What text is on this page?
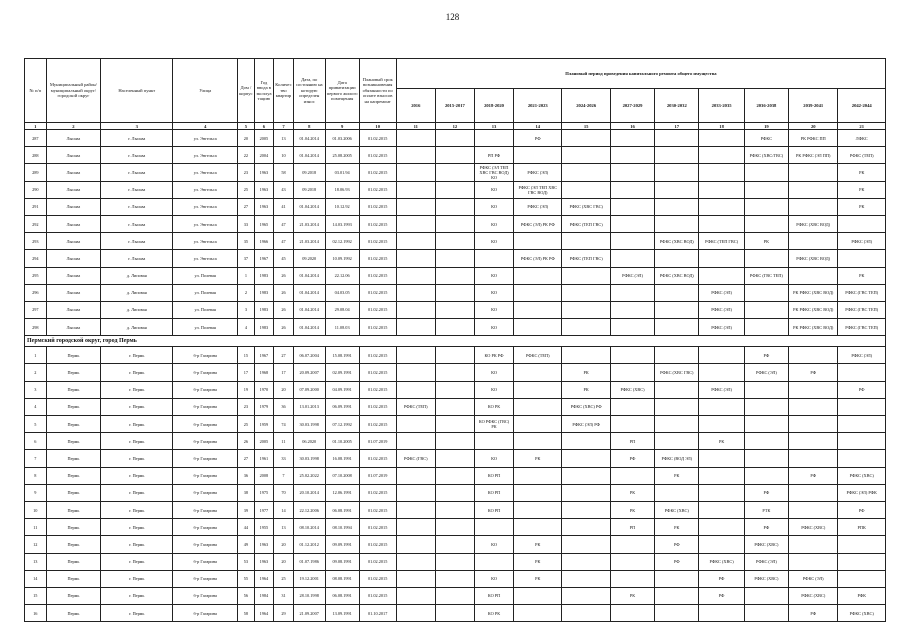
128
№ п/п	Муниципальный район/ муниципальный округ/городской округ	Населенный пункт	Улица	Дом / корпус	Год ввода в эксплуатацию	Количество квартир	Дата, по состоянию на которую определен износ	Дата приватизации первого жилого помещения	Плановый срок возникновения обязанности по оплате взносов на капремонт	Плановый период проведения капитального ремонта общего имущества										
										2016	2015-2017	2018-2020	2021-2023	2024-2026	2027-2029	2030-2032	2033-2035	2036-2038	2039-2041	2042-2044
1	2	3	4	5	6	7	8	9	10	11	12	13	14	15	16	17	18	19	20	21
287	Лысьва	г. Лысьва	ул. Энгельса	20	2005	13	01.04.2014	01.03.2006	01.02.2015				РФ					РФКС	РК РФКС ПП	ЛФКС
288	Лысьва	г. Лысьва	ул. Энгельса	22	2004	10	01.04.2014	25.08.2005	01.02.2015			РП РФ						РФКС (ХВС/ГВС)	РК РФКС (ЭЛ ПП)	РФКС (ТЕП)
289	Лысьва	г. Лысьва	ул. Энгельса	23	1963	58	09.2018	03.01.94	01.02.2015			РФКС (ЭЛ ТЕП ХВС ГВС ВОД) КО	РФКС (ЭЛ)							РК
290	Лысьва	г. Лысьва	ул. Энгельса	25	1963	43	09.2018	18.06.93	01.02.2015			КО	РФКС (ЭЛ ТЕП ХВС ГВС ВОД)							РК
291	Лысьва	г. Лысьва	ул. Энгельса	27	1963	41	01.04.2014	10.12.92	01.02.2015			КО	РФКС (ЭЛ)	РФКС (ХВС ГВС)						РК
292	Лысьва	г. Лысьва	ул. Энгельса	33	1965	47	21.03.2014	14.03.1993	01.02.2015			КО	РФКС (ЭЛ) РК РФ	РФКС (ТЕП ГВС)					РФКС (ХВС ВОД)	
293	Лысьва	г. Лысьва	ул. Энгельса	35	1966	47	21.03.2014	02.12.1992	01.02.2015			КО				РФКС (ХВС ВОД)	РФКС (ТЕП ГВС)	РК		РФКС (ЭЛ)
294	Лысьва	г. Лысьва	ул. Энгельса	37	1967	45	09.2020	10.09.1992	01.02.2015				РФКС (ЭЛ) РК РФ	РФКС (ТЕП ГВС)					РФКС (ХВС ВОД)	
295	Лысьва	д. Липовая	ул. Полевая	1	1983	26	01.04.2014	22.12.06	01.02.2015			КО			РФКС (ЭЛ)	РФКС (ХВС ВОД)		РФКС (ГВС ТЕП)		РК
296	Лысьва	д. Липовая	ул. Полевая	2	1983	26	01.04.2014	04.03.05	01.02.2015			КО					РФКС (ЭЛ)		РК РФКС (ХВС ВОД)	РФКС (ГВС ТЕП)
297	Лысьва	д. Липовая	ул. Полевая	3	1983	26	01.04.2014	29.08.04	01.02.2015			КО					РФКС (ЭЛ)		РК РФКС (ХВС ВОД)	РФКС (ГВС ТЕП)
298	Лысьва	д. Липовая	ул. Полевая	4	1983	26	01.04.2014	11.08.03	01.02.2015			КО					РФКС (ЭЛ)		РК РФКС (ХВС ВОД)	РФКС (ГВС ТЕП)
Пермский городской округ, город Пермь																				
1	Пермь	г. Пермь	б-р Гагарина	15	1967	27	06.07.2004	15.08.1991	01.02.2015			КО РК РФ	РФКС (ТЕП)					РФ		РФКС (ЭЛ)
2	Пермь	г. Пермь	б-р Гагарина	17	1968	17	20.09.2007	02.09.1991	01.02.2015			КО		РК		РФКС (ХВС ГВС)		РФКС (ЭЛ)	РФ	
3	Пермь	г. Пермь	б-р Гагарина	19	1970	20	07.09.2000	04.09.1991	01.02.2015			КО		РК	РФКС (ХВС)		РФКС (ЭЛ)			РФ
4	Пермь	г. Пермь	б-р Гагарина	23	1979	36	13.01.2013	06.09.1991	01.02.2015	РФКС (ТЕП)		КО РК		РФКС (ХВС) РФ						
5	Пермь	г. Пермь	б-р Гагарина	25	1959	74	30.03.1998	07.12.1992	01.02.2015			КО РФКС (ГВС) РК		РФКС (ЭЛ) РФ						
6	Пермь	г. Пермь	б-р Гагарина	26	2005	11	06.2020	01.10.2005	01.07.2019						РП		РК			
7	Пермь	г. Пермь	б-р Гагарина	27	1961	33	30.03.1998	16.08.1991	01.02.2015	РФКС (ГВС)		КО	РК		РФ	РФКС (ВОД ЭЛ)				
8	Пермь	г. Пермь	б-р Гагарина	36	2008	7	25.02.2022	07.10.2008	01.07.2019			КО РП				РК			РФ	РФКС (ХВС)
9	Пермь	г. Пермь	б-р Гагарина	38	1975	70	20.10.2014	12.06.1991	01.02.2015			КО РП			РК			РФ		РФКС (ЭЛ) РФК
10	Пермь	г. Пермь	б-р Гагарина	39	1977	14	22.12.2006	06.08.1991	01.02.2015			КО РП			РК	РФКС (ХВС)		РТК		РФ
11	Пермь	г. Пермь	б-р Гагарина	44	1955	13	08.10.2014	08.10.1994	01.02.2015						РП	РК		РФ	РФКС (ХВС)	РПК
12	Пермь	г. Пермь	б-р Гагарина	49	1963	20	01.12.2012	09.09.1991	01.02.2015			КО	РК			РФ		РФКС (ХВС)		
13	Пермь	г. Пермь	б-р Гагарина	53	1963	20	01.07.1986	09.08.1991	01.02.2015				РК			РФ	РФКС (ХВС)	РФКС (ЭЛ)		
14	Пермь	г. Пермь	б-р Гагарина	55	1964	25	19.12.2001	08.08.1991	01.02.2015			КО	РК				РФ	РФКС (ХВС)	РФКС (ЭЛ)	
15	Пермь	г. Пермь	б-р Гагарина	56	1984	31	28.10.1998	06.08.1991	01.02.2015			КО РП			РК		РФ		РФКС (ХВС)	РФК
16	Пермь	г. Пермь	б-р Гагарина	58	1964	29	21.09.2007	13.09.1991	01.10.2017			КО РК							РФ	РФКС (ХВС)
